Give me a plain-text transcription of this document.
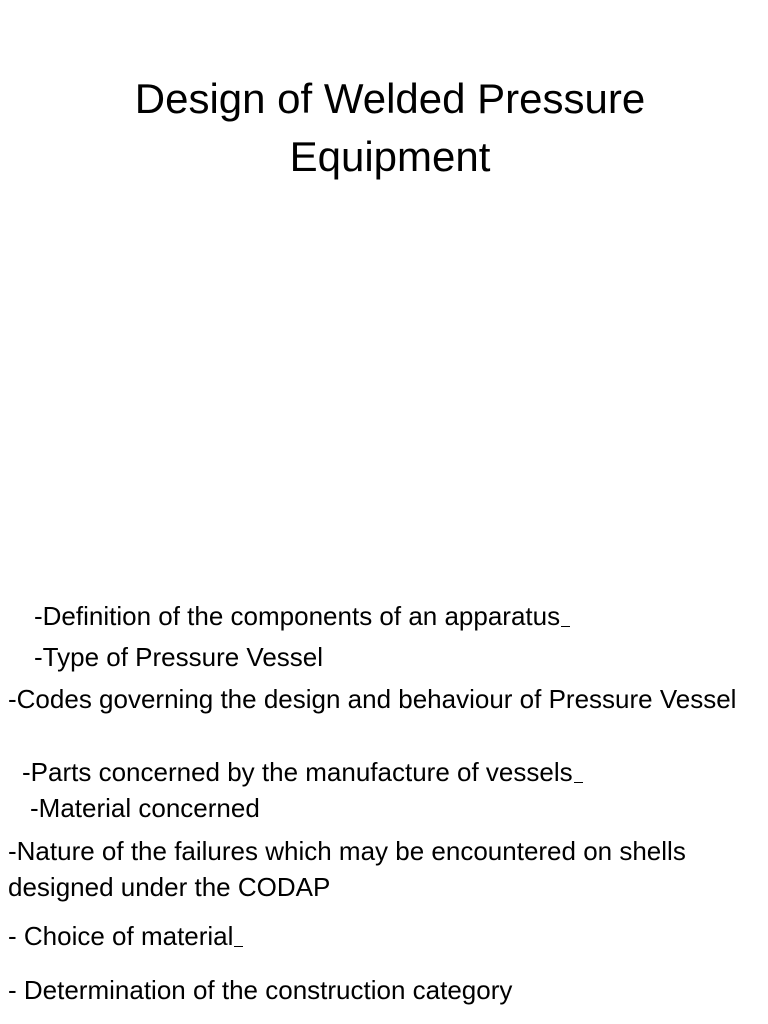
Design of Welded Pressure
Equipment
-Definition of the components of an apparatus
-Type of Pressure Vessel
-Codes governing the design and behaviour of Pressure Vessel
-Parts concerned by the manufacture of vessels
-Material concerned
-Nature of the failures which may be encountered on shells designed under the CODAP
- Choice of material
- Determination of the construction category
